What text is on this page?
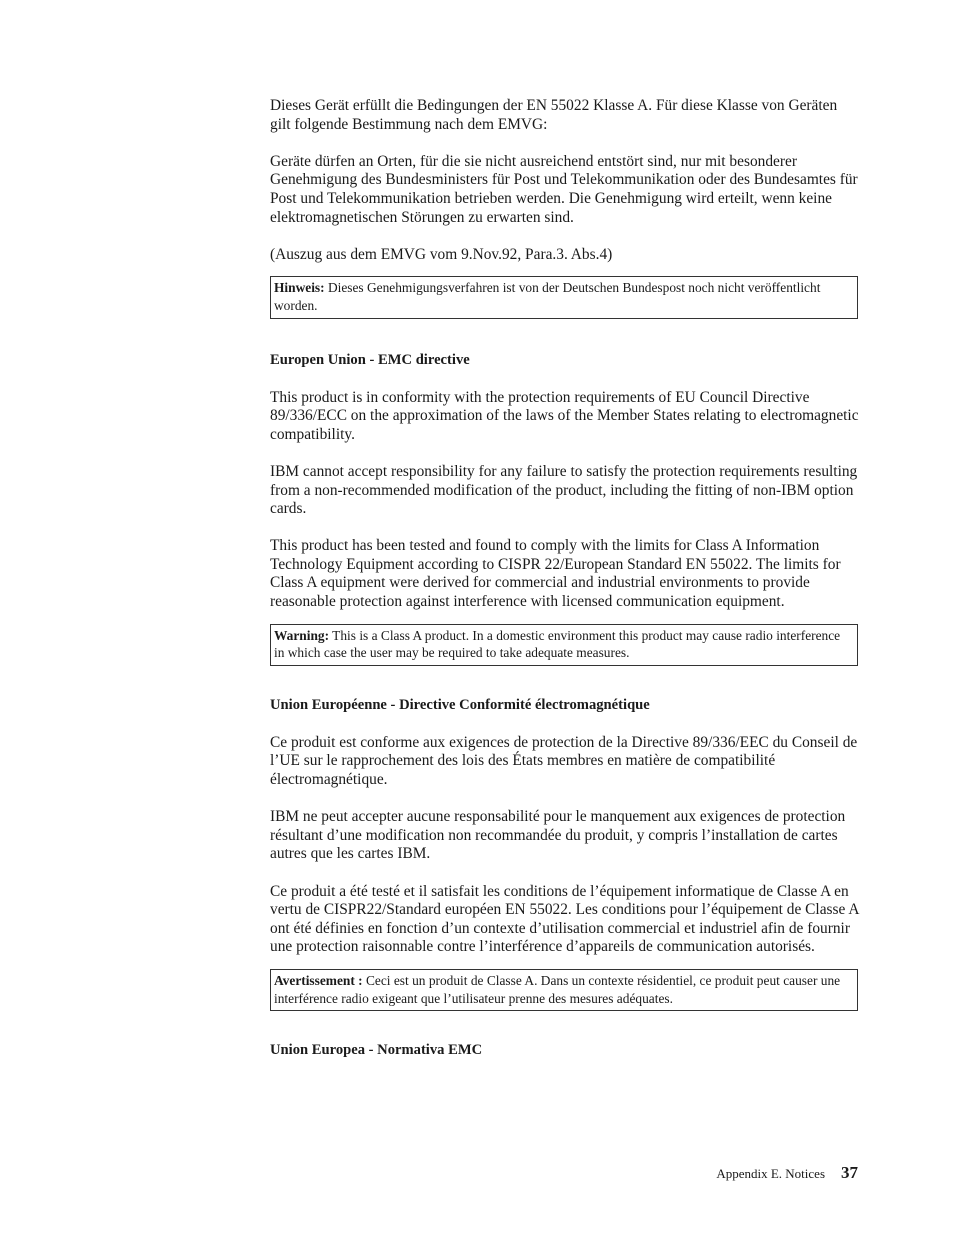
Dieses Gerät erfüllt die Bedingungen der EN 55022 Klasse A. Für diese Klasse von Geräten gilt folgende Bestimmung nach dem EMVG:

Geräte dürfen an Orten, für die sie nicht ausreichend entstört sind, nur mit besonderer Genehmigung des Bundesministers für Post und Telekommunikation oder des Bundesamtes für Post und Telekommunikation betrieben werden. Die Genehmigung wird erteilt, wenn keine elektromagnetischen Störungen zu erwarten sind.

(Auszug aus dem EMVG vom 9.Nov.92, Para.3. Abs.4)

Hinweis: Dieses Genehmigungsverfahren ist von der Deutschen Bundespost noch nicht veröffentlicht worden.
Europen Union - EMC directive

This product is in conformity with the protection requirements of EU Council Directive 89/336/ECC on the approximation of the laws of the Member States relating to electromagnetic compatibility.

IBM cannot accept responsibility for any failure to satisfy the protection requirements resulting from a non-recommended modification of the product, including the fitting of non-IBM option cards.

This product has been tested and found to comply with the limits for Class A Information Technology Equipment according to CISPR 22/European Standard EN 55022. The limits for Class A equipment were derived for commercial and industrial environments to provide reasonable protection against interference with licensed communication equipment.

Warning: This is a Class A product. In a domestic environment this product may cause radio interference in which case the user may be required to take adequate measures.
Union Européenne - Directive Conformité électromagnétique

Ce produit est conforme aux exigences de protection de la Directive 89/336/EEC du Conseil de l’UE sur le rapprochement des lois des États membres en matière de compatibilité électromagnétique.

IBM ne peut accepter aucune responsabilité pour le manquement aux exigences de protection résultant d’une modification non recommandée du produit, y compris l’installation de cartes autres que les cartes IBM.

Ce produit a été testé et il satisfait les conditions de l’équipement informatique de Classe A en vertu de CISPR22/Standard européen EN 55022. Les conditions pour l’équipement de Classe A ont été définies en fonction d’un contexte d’utilisation commercial et industriel afin de fournir une protection raisonnable contre l’interférence d’appareils de communication autorisés.

Avertissement : Ceci est un produit de Classe A. Dans un contexte résidentiel, ce produit peut causer une interférence radio exigeant que l’utilisateur prenne des mesures adéquates.
Union Europea - Normativa EMC
Appendix E. Notices 37
